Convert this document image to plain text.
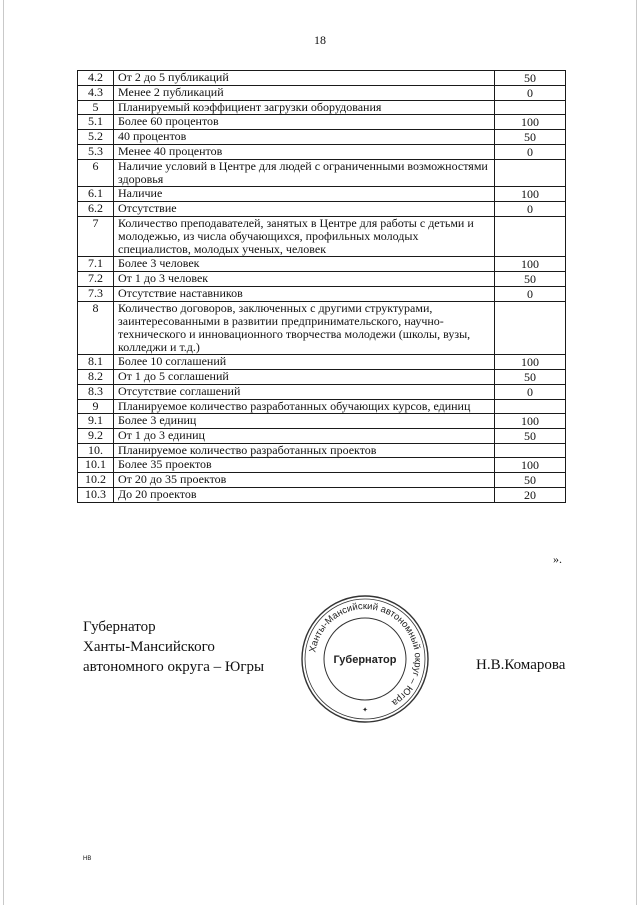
18
4.2	От 2 до 5 публикаций	50
4.3	Менее 2 публикаций	0
5	Планируемый коэффициент загрузки оборудования	
5.1	Более 60 процентов	100
5.2	40 процентов	50
5.3	Менее 40 процентов	0
6	Наличие условий в Центре для людей с ограниченными возможностями здоровья	
6.1	Наличие	100
6.2	Отсутствие	0
7	Количество преподавателей, занятых в Центре для работы с детьми и молодежью, из числа обучающихся, профильных молодых специалистов, молодых ученых, человек	
7.1	Более 3 человек	100
7.2	От 1 до 3 человек	50
7.3	Отсутствие наставников	0
8	Количество договоров, заключенных с другими структурами, заинтересованными в развитии предпринимательского, научно-технического и инновационного творчества молодежи (школы, вузы, колледжи и т.д.)	
8.1	Более 10 соглашений	100
8.2	От 1 до 5 соглашений	50
8.3	Отсутствие соглашений	0
9	Планируемое количество разработанных обучающих курсов, единиц	
9.1	Более 3 единиц	100
9.2	От 1 до 3 единиц	50
10.	Планируемое количество разработанных проектов	
10.1	Более 35 проектов	100
10.2	От 20 до 35 проектов	50
10.3	До 20 проектов	20
».
Губернатор
Ханты-Мансийского
автономного округа – Югры	Н.В.Комарова
Ханты-Мансийский автономный округ – Югра
Губернатор
✦
НВ
